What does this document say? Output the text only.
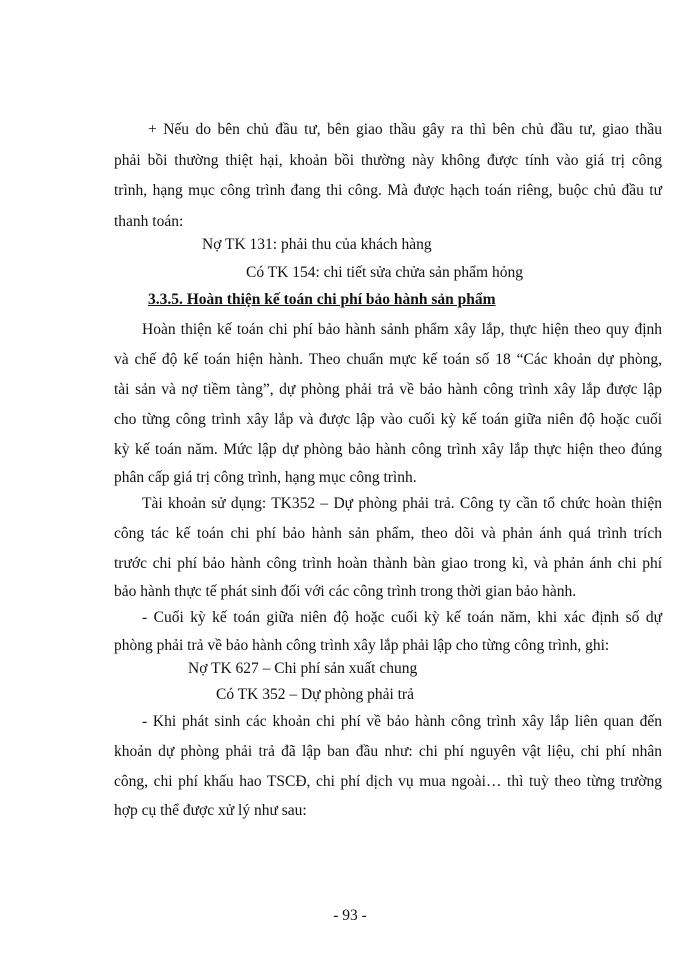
+ Nếu do bên chủ đầu tư, bên giao thầu gây ra thì bên chủ đầu tư, giao thầu
phải bồi thường thiệt hại, khoản bồi thường này không được tính vào giá trị công
trình, hạng mục công trình đang thi công. Mà được hạch toán riêng, buộc chủ đầu tư
thanh toán:
Nợ TK 131: phải thu của khách hàng
Có TK 154: chi tiết sửa chửa sản phẩm hỏng
3.3.5. Hoàn thiện kế toán chi phí bảo hành sản phẩm
Hoàn thiện kế toán chi phí bảo hành sảnh phẩm xây lắp, thực hiện theo quy định
và chế độ kế toán hiện hành. Theo chuẩn mực kế toán số 18 “Các khoản dự phòng,
tài sản và nợ tiềm tàng”, dự phòng phải trả về bảo hành công trình xây lắp được lập
cho từng công trình xây lắp và được lập vào cuối kỳ kế toán giữa niên độ hoặc cuối
kỳ kế toán năm. Mức lập dự phòng bảo hành công trình xây lắp thực hiện theo đúng
phân cấp giá trị công trình, hạng mục công trình.
Tài khoản sử dụng: TK352 – Dự phòng phải trả. Công ty cần tổ chức hoàn thiện
công tác kế toán chi phí bảo hành sản phẩm, theo dõi và phản ánh quá trình trích
trước chi phí bảo hành công trình hoàn thành bàn giao trong kì, và phản ánh chi phí
bảo hành thực tế phát sinh đối với các công trình trong thời gian bảo hành.
- Cuối kỳ kế toán giữa niên độ hoặc cuối kỳ kế toán năm, khi xác định số dự
phòng phải trả về bảo hành công trình xây lắp phải lập cho từng công trình, ghi:
Nợ TK 627 – Chi phí sản xuất chung
Có TK 352 – Dự phòng phải trả
- Khi phát sinh các khoản chi phí về bảo hành công trình xây lắp liên quan đến
khoản dự phòng phải trả đã lập ban đầu như: chi phí nguyên vật liệu, chi phí nhân
công, chi phí khấu hao TSCĐ, chi phí dịch vụ mua ngoài… thì tuỳ theo từng trường
hợp cụ thể được xử lý như sau:
- 93 -
